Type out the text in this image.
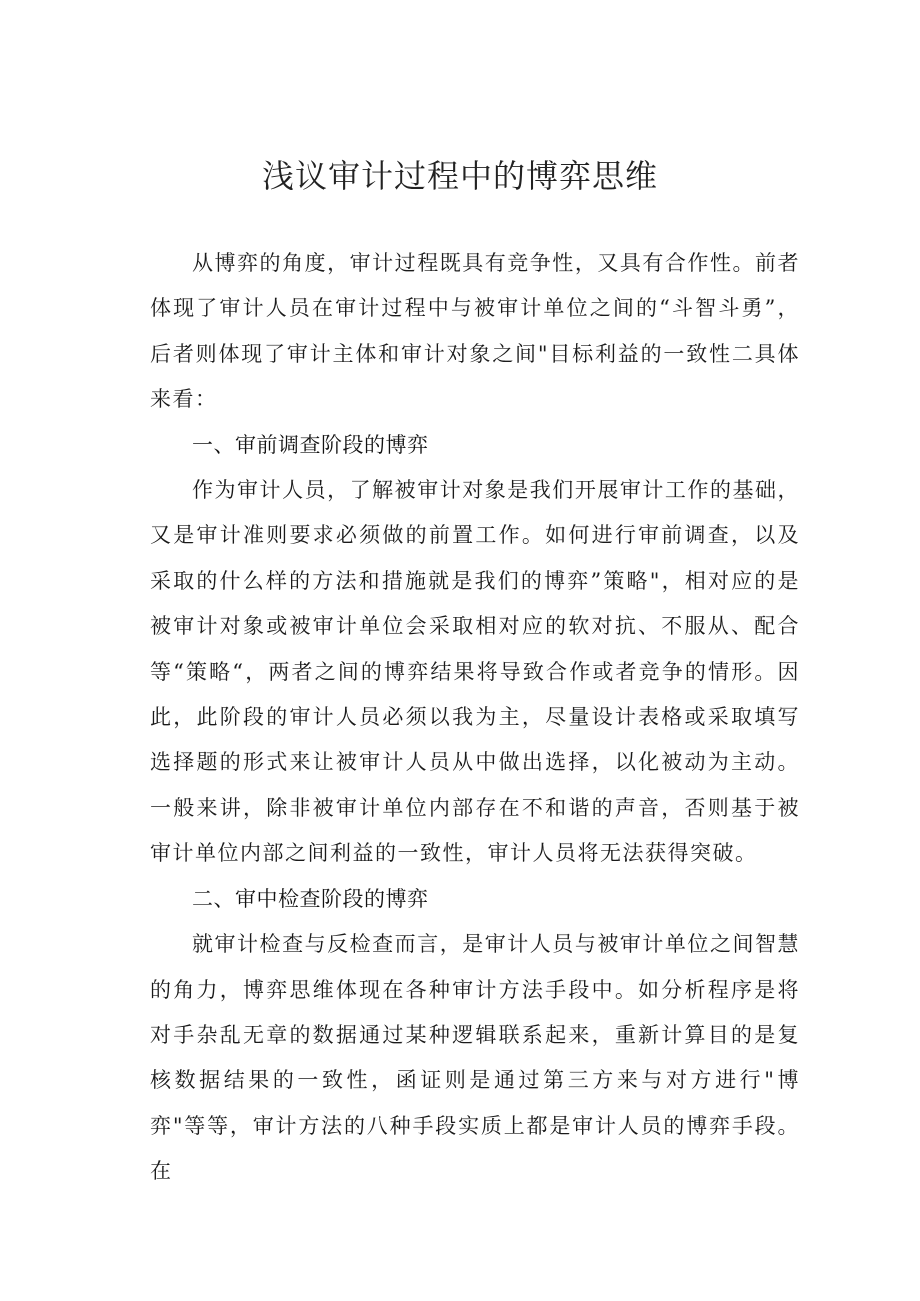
浅议审计过程中的博弈思维

从博弈的角度，审计过程既具有竞争性，又具有合作性。前者体现了审计人员在审计过程中与被审计单位之间的“斗智斗勇”，后者则体现了审计主体和审计对象之间"目标利益的一致性二具体来看：

一、审前调查阶段的博弈

作为审计人员，了解被审计对象是我们开展审计工作的基础，又是审计准则要求必须做的前置工作。如何进行审前调查，以及采取的什么样的方法和措施就是我们的博弈”策略"，相对应的是被审计对象或被审计单位会采取相对应的软对抗、不服从、配合等“策略“，两者之间的博弈结果将导致合作或者竞争的情形。因此，此阶段的审计人员必须以我为主，尽量设计表格或采取填写选择题的形式来让被审计人员从中做出选择，以化被动为主动。一般来讲，除非被审计单位内部存在不和谐的声音，否则基于被审计单位内部之间利益的一致性，审计人员将无法获得突破。

二、审中检查阶段的博弈

就审计检查与反检查而言，是审计人员与被审计单位之间智慧的角力，博弈思维体现在各种审计方法手段中。如分析程序是将对手杂乱无章的数据通过某种逻辑联系起来，重新计算目的是复核数据结果的一致性，函证则是通过第三方来与对方进行"博弈"等等，审计方法的八种手段实质上都是审计人员的博弈手段。在
